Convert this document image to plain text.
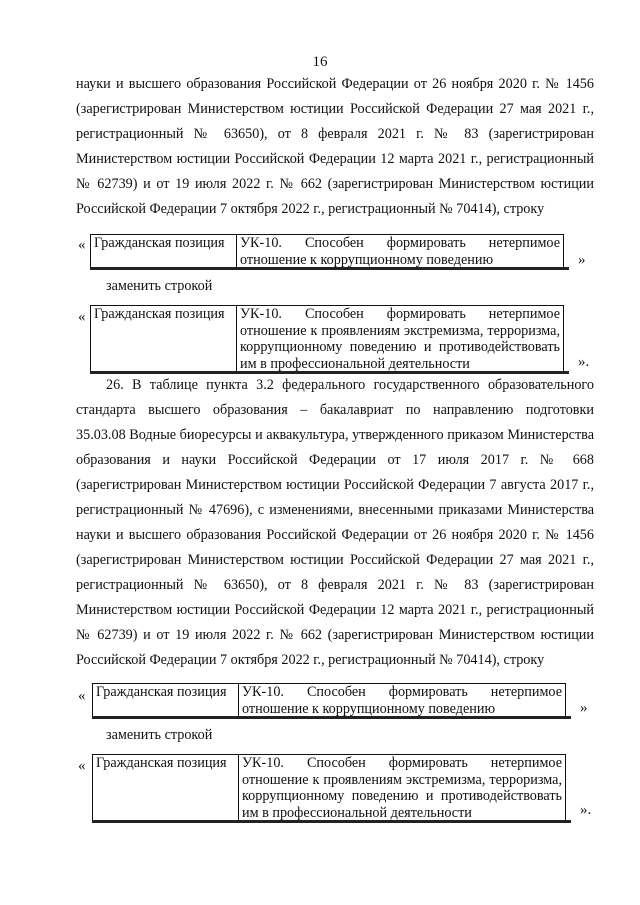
16
науки и высшего образования Российской Федерации от 26 ноября 2020 г. № 1456
(зарегистрирован Министерством юстиции Российской Федерации 27 мая 2021 г.,
регистрационный № 63650), от 8 февраля 2021 г. № 83 (зарегистрирован
Министерством юстиции Российской Федерации 12 марта 2021 г., регистрационный
№ 62739) и от 19 июля 2022 г. № 662 (зарегистрирован Министерством юстиции
Российской Федерации 7 октября 2022 г., регистрационный № 70414), строку
« Гражданская позиция	УК-10. Способен формировать нетерпимое
отношение к коррупционному поведению	»
заменить строкой
« Гражданская позиция	УК-10. Способен формировать нетерпимое
отношение к проявлениям экстремизма, терроризма,
коррупционному поведению и противодействовать
им в профессиональной деятельности	».
26. В таблице пункта 3.2 федерального государственного образовательного
стандарта высшего образования – бакалавриат по направлению подготовки
35.03.08 Водные биоресурсы и аквакультура, утвержденного приказом Министерства
образования и науки Российской Федерации от 17 июля 2017 г. № 668
(зарегистрирован Министерством юстиции Российской Федерации 7 августа 2017 г.,
регистрационный № 47696), с изменениями, внесенными приказами Министерства
науки и высшего образования Российской Федерации от 26 ноября 2020 г. № 1456
(зарегистрирован Министерством юстиции Российской Федерации 27 мая 2021 г.,
регистрационный № 63650), от 8 февраля 2021 г. № 83 (зарегистрирован
Министерством юстиции Российской Федерации 12 марта 2021 г., регистрационный
№ 62739) и от 19 июля 2022 г. № 662 (зарегистрирован Министерством юстиции
Российской Федерации 7 октября 2022 г., регистрационный № 70414), строку
« Гражданская позиция	УК-10. Способен формировать нетерпимое
отношение к коррупционному поведению	»
заменить строкой
« Гражданская позиция	УК-10. Способен формировать нетерпимое
отношение к проявлениям экстремизма, терроризма,
коррупционному поведению и противодействовать
им в профессиональной деятельности	».
